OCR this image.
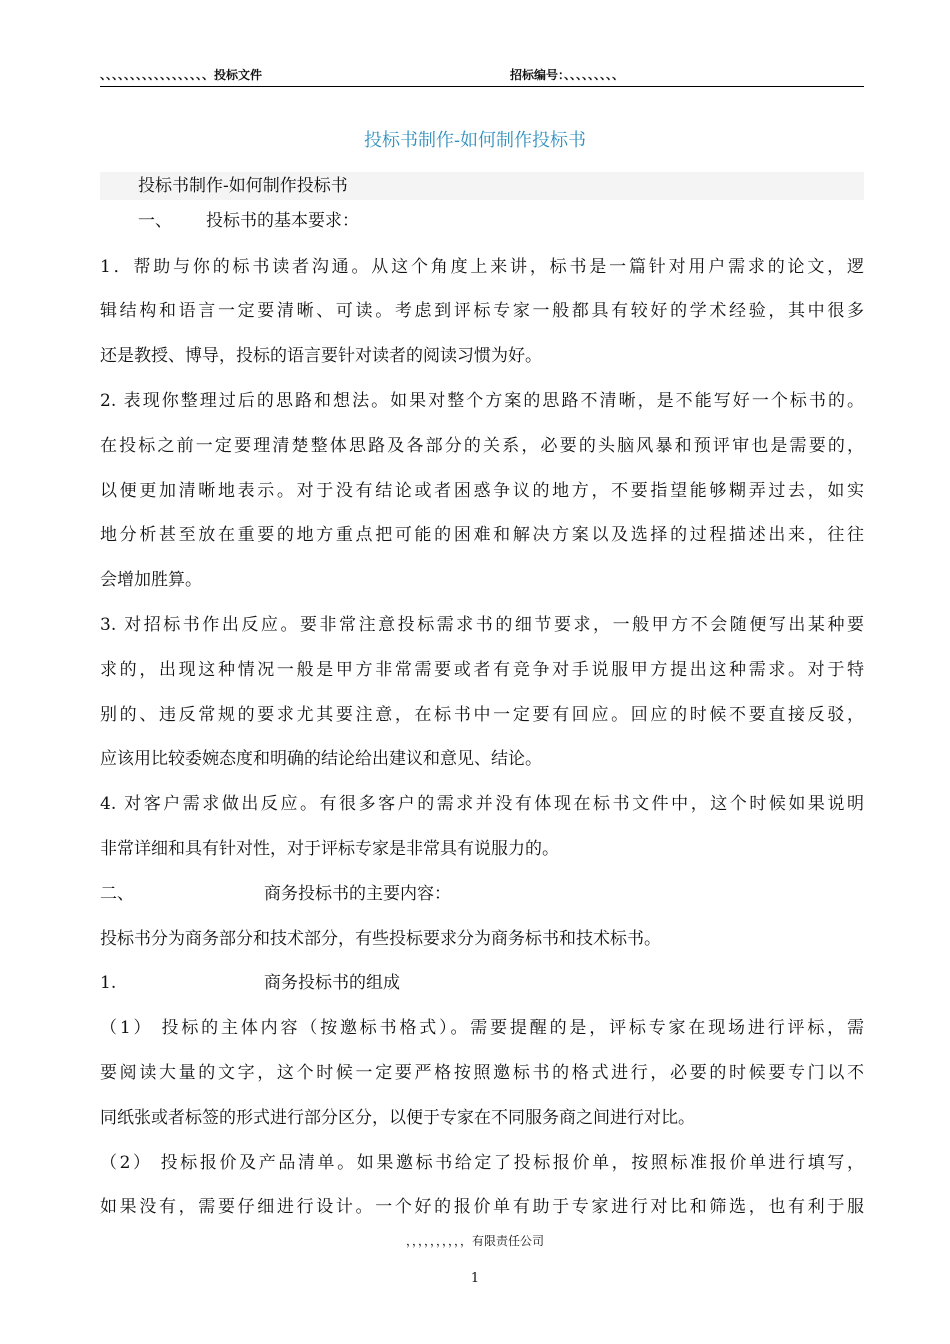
、、、、、、、、、、、、、、、、、、投标文件	招标编号：、、、、、、、、、
投标书制作-如何制作投标书
投标书制作-如何制作投标书
一、 投标书的基本要求：
1．帮助与你的标书读者沟通。从这个角度上来讲，标书是一篇针对用户需求的论文，逻
辑结构和语言一定要清晰、可读。考虑到评标专家一般都具有较好的学术经验，其中很多
还是教授、博导，投标的语言要针对读者的阅读习惯为好。
2. 表现你整理过后的思路和想法。如果对整个方案的思路不清晰，是不能写好一个标书的。
在投标之前一定要理清楚整体思路及各部分的关系，必要的头脑风暴和预评审也是需要的，
以便更加清晰地表示。对于没有结论或者困惑争议的地方，不要指望能够糊弄过去，如实
地分析甚至放在重要的地方重点把可能的困难和解决方案以及选择的过程描述出来，往往
会增加胜算。
3. 对招标书作出反应。要非常注意投标需求书的细节要求，一般甲方不会随便写出某种要
求的，出现这种情况一般是甲方非常需要或者有竞争对手说服甲方提出这种需求。对于特
别的、违反常规的要求尤其要注意，在标书中一定要有回应。回应的时候不要直接反驳，
应该用比较委婉态度和明确的结论给出建议和意见、结论。
4. 对客户需求做出反应。有很多客户的需求并没有体现在标书文件中，这个时候如果说明
非常详细和具有针对性，对于评标专家是非常具有说服力的。
二、	商务投标书的主要内容：
投标书分为商务部分和技术部分，有些投标要求分为商务标书和技术标书。
1.	商务投标书的组成
（1） 投标的主体内容（按邀标书格式）。需要提醒的是，评标专家在现场进行评标，需
要阅读大量的文字，这个时候一定要严格按照邀标书的格式进行，必要的时候要专门以不
同纸张或者标签的形式进行部分区分，以便于专家在不同服务商之间进行对比。
（2） 投标报价及产品清单。如果邀标书给定了投标报价单，按照标准报价单进行填写，
如果没有，需要仔细进行设计。一个好的报价单有助于专家进行对比和筛选，也有利于服
，，，，，，，，，，有限责任公司
1
